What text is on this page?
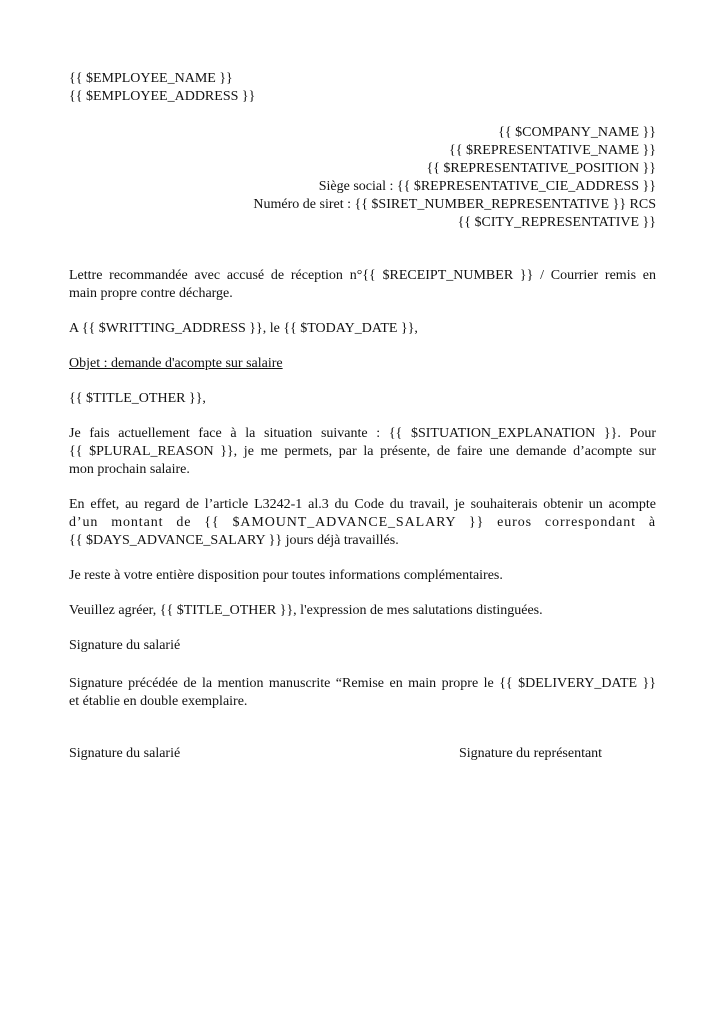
{{ $EMPLOYEE_NAME }}
{{ $EMPLOYEE_ADDRESS }}
{{ $COMPANY_NAME }}
{{ $REPRESENTATIVE_NAME }}
{{ $REPRESENTATIVE_POSITION }}
Siège social : {{ $REPRESENTATIVE_CIE_ADDRESS }}
Numéro de siret : {{ $SIRET_NUMBER_REPRESENTATIVE }} RCS
{{ $CITY_REPRESENTATIVE }}
Lettre recommandée avec accusé de réception n°{{ $RECEIPT_NUMBER }} / Courrier remis en
main propre contre décharge.
A {{ $WRITTING_ADDRESS }}, le {{ $TODAY_DATE }},
Objet : demande d'acompte sur salaire
{{ $TITLE_OTHER }},
Je fais actuellement face à la situation suivante : {{ $SITUATION_EXPLANATION }}. Pour
{{ $PLURAL_REASON }}, je me permets, par la présente, de faire une demande d’acompte sur
mon prochain salaire.
En effet, au regard de l’article L3242-1 al.3 du Code du travail, je souhaiterais obtenir un acompte
d’un montant de {{ $AMOUNT_ADVANCE_SALARY }} euros correspondant à
{{ $DAYS_ADVANCE_SALARY }} jours déjà travaillés.
Je reste à votre entière disposition pour toutes informations complémentaires.
Veuillez agréer, {{ $TITLE_OTHER }}, l'expression de mes salutations distinguées.
Signature du salarié
Signature précédée de la mention manuscrite “Remise en main propre le {{ $DELIVERY_DATE }}
et établie en double exemplaire.
Signature du salarié	Signature du représentant
